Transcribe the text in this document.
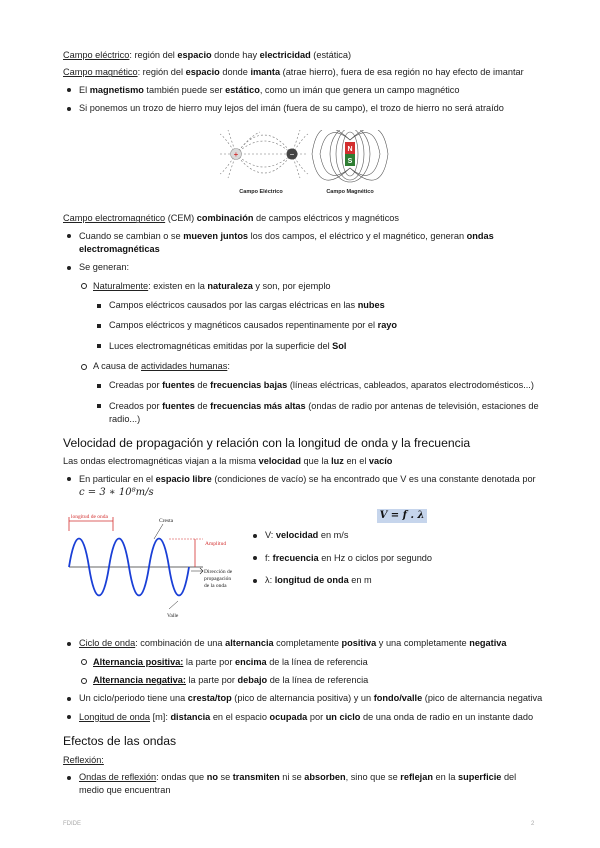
Campo eléctrico: región del espacio donde hay electricidad (estática)

Campo magnético: región del espacio donde imanta (atrae hierro), fuera de esa región no hay efecto de imantar

El magnetismo también puede ser estático, como un imán que genera un campo magnético
Si ponemos un trozo de hierro muy lejos del imán (fuera de su campo), el trozo de hierro no será atraído
+	−
Campo Eléctrico
N
S
Campo Magnético

Campo electromagnético (CEM) combinación de campos eléctricos y magnéticos

Cuando se cambian o se mueven juntos los dos campos, el eléctrico y el magnético, generan ondas electromagnéticas
Se generan:
Naturalmente: existen en la naturaleza y son, por ejemplo
Campos eléctricos causados por las cargas eléctricas en las nubes
Campos eléctricos y magnéticos causados repentinamente por el rayo
Luces electromagnéticas emitidas por la superficie del Sol
A causa de actividades humanas:
Creadas por fuentes de frecuencias bajas (líneas eléctricas, cableados, aparatos electrodomésticos...)
Creados por fuentes de frecuencias más altas (ondas de radio por antenas de televisión, estaciones de radio...)
Velocidad de propagación y relación con la longitud de onda y la frecuencia

Las ondas electromagnéticas viajan a la misma velocidad que la luz en el vacío

En particular en el espacio libre (condiciones de vacío) se ha encontrado que V es una constante denotada por
c = 3 ∗ 10⁸m/s
longitud de onda
Cresta
Amplitud
Dirección de
propagación
de la onda
Valle
V = f . λ
V: velocidad en m/s
f: frecuencia en Hz o ciclos por segundo
λ: longitud de onda en m
Ciclo de onda: combinación de una alternancia completamente positiva y una completamente negativa
Alternancia positiva: la parte por encima de la línea de referencia
Alternancia negativa: la parte por debajo de la línea de referencia
Un ciclo/periodo tiene una cresta/top (pico de alternancia positiva) y un fondo/valle (pico de alternancia negativa
Longitud de onda [m]: distancia en el espacio ocupada por un ciclo de una onda de radio en un instante dado
Efectos de las ondas

Reflexión:

Ondas de reflexión: ondas que no se transmiten ni se absorben, sino que se reflejan en la superficie del medio que encuentran
FDIDE	2
